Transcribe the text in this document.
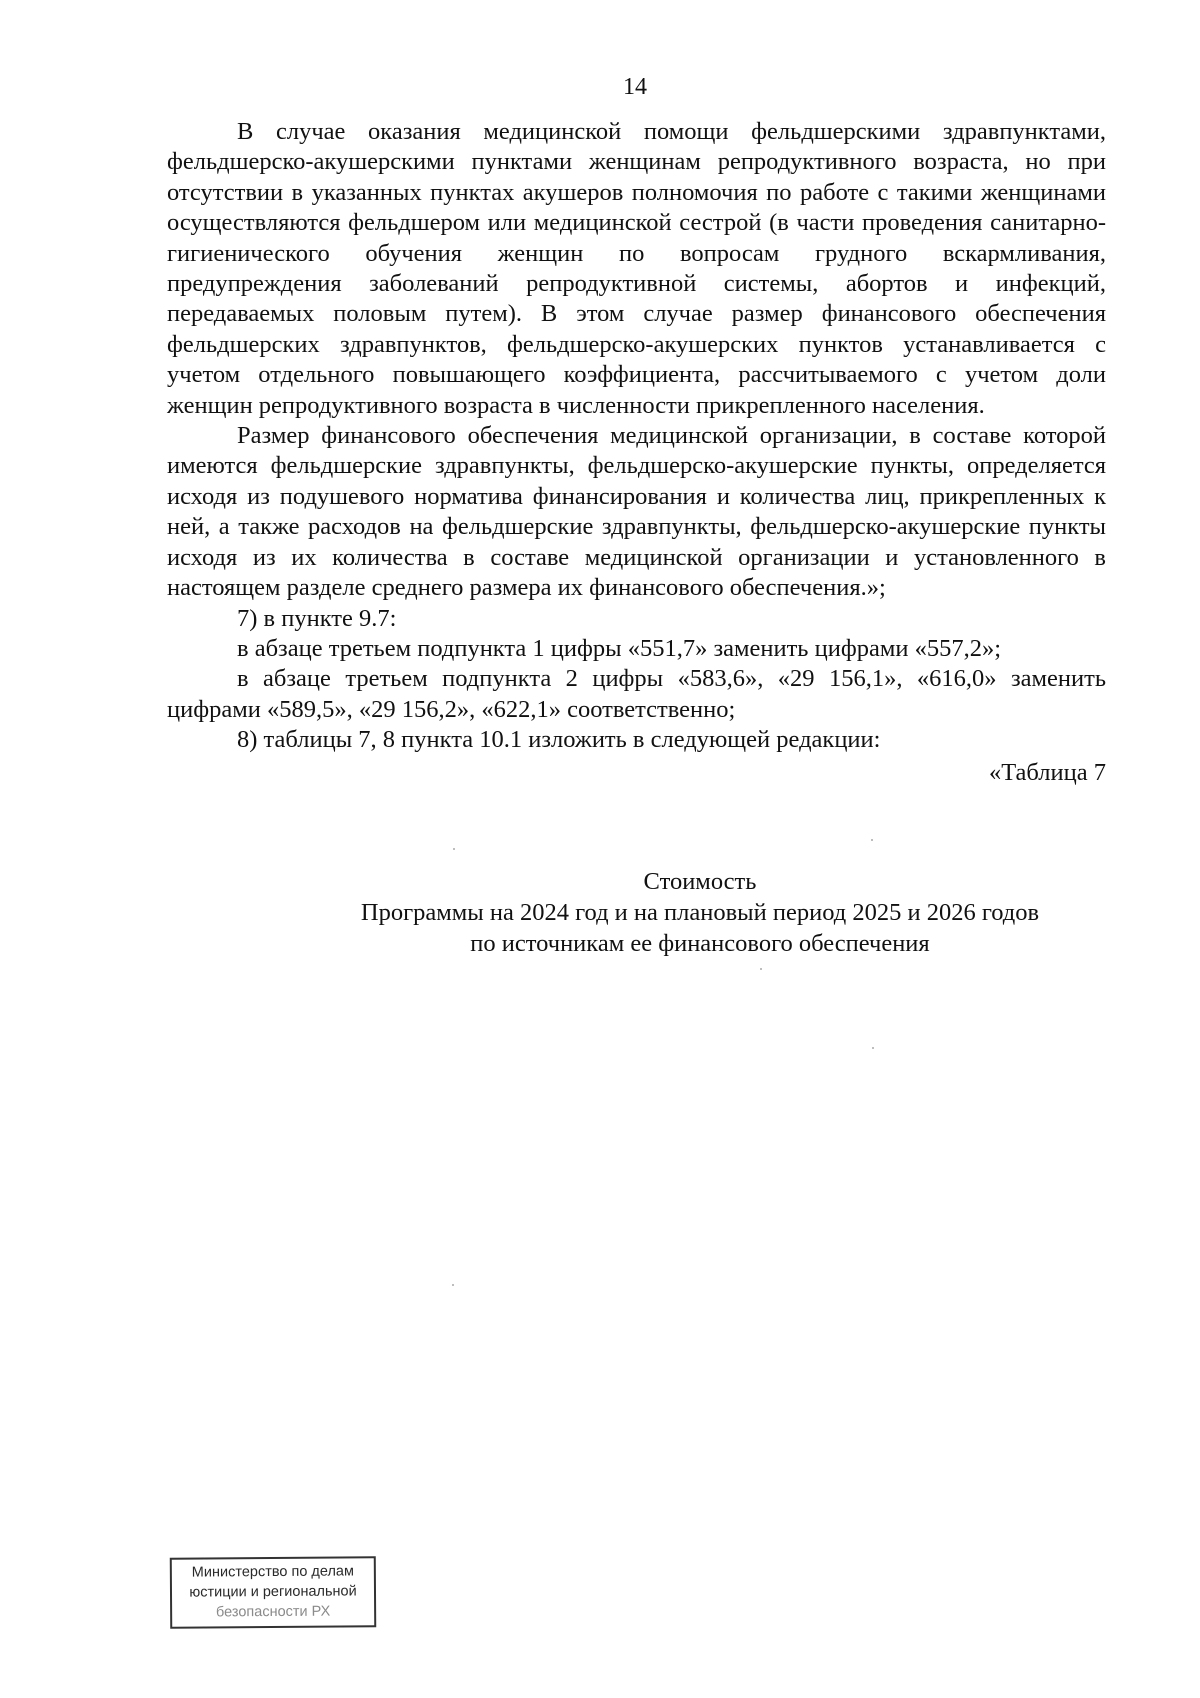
14

В случае оказания медицинской помощи фельдшерскими здравпунктами, фельдшерско-акушерскими пунктами женщинам репродуктивного возраста, но при отсутствии в указанных пунктах акушеров полномочия по работе с такими женщинами осуществляются фельдшером или медицинской сестрой (в части проведения санитарно-гигиенического обучения женщин по вопросам грудного вскармливания, предупреждения заболеваний репродуктивной системы, абортов и инфекций, передаваемых половым путем). В этом случае размер финансового обеспечения фельдшерских здравпунктов, фельдшерско-акушерских пунктов устанавливается с учетом отдельного повышающего коэффициента, рассчитываемого с учетом доли женщин репродуктивного возраста в численности прикрепленного населения.

Размер финансового обеспечения медицинской организации, в составе которой имеются фельдшерские здравпункты, фельдшерско-акушерские пункты, определяется исходя из подушевого норматива финансирования и количества лиц, прикрепленных к ней, а также расходов на фельдшерские здравпункты, фельдшерско-акушерские пункты исходя из их количества в составе медицинской организации и установленного в настоящем разделе среднего размера их финансового обеспечения.»;

7) в пункте 9.7:

в абзаце третьем подпункта 1 цифры «551,7» заменить цифрами «557,2»;

в абзаце третьем подпункта 2 цифры «583,6», «29 156,1», «616,0» заменить цифрами «589,5», «29 156,2», «622,1» соответственно;

8) таблицы 7, 8 пункта 10.1 изложить в следующей редакции:

«Таблица 7

Стоимость
Программы на 2024 год и на плановый период 2025 и 2026 годов
по источникам ее финансового обеспечения
Министерство по делам
юстиции и региональной
безопасности РХ
